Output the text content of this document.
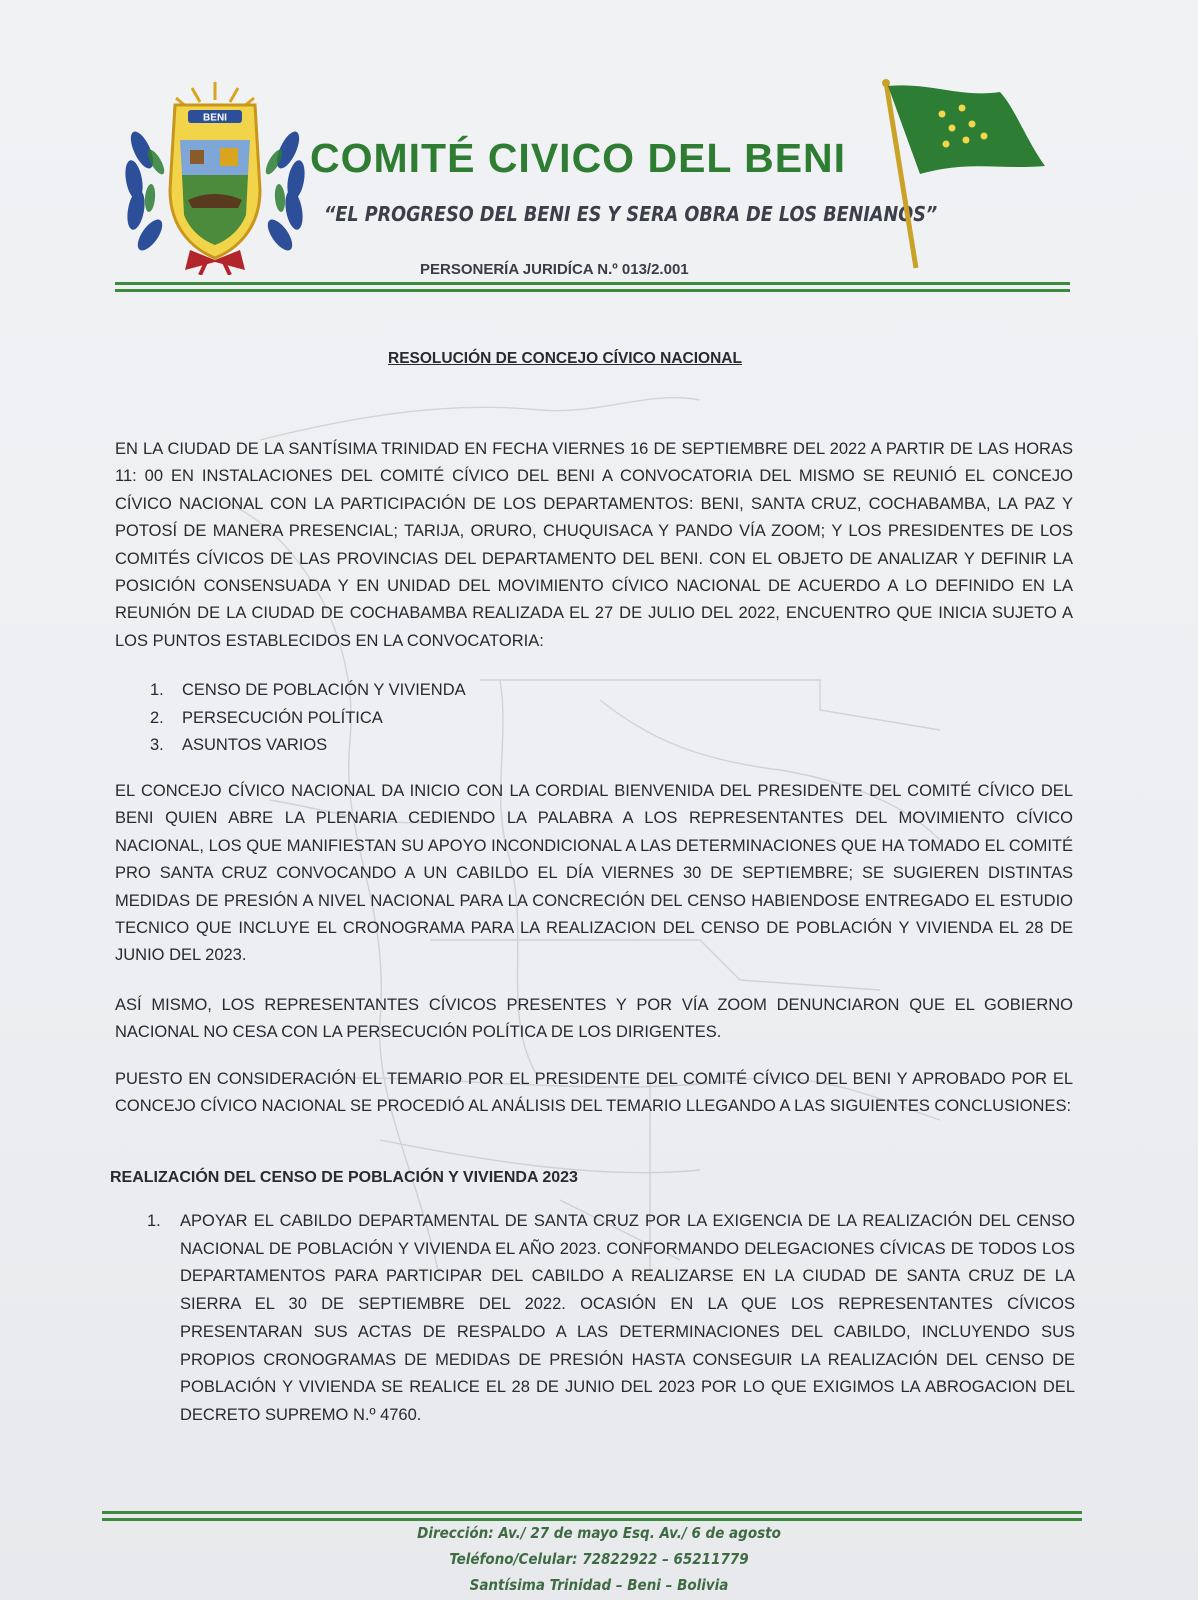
BENI
COMITÉ CIVICO DEL BENI
“EL PROGRESO DEL BENI ES Y SERA OBRA DE LOS BENIANOS”
PERSONERÍA JURIDÍCA N.º 013/2.001
RESOLUCIÓN DE CONCEJO CÍVICO NACIONAL
EN LA CIUDAD DE LA SANTÍSIMA TRINIDAD EN FECHA VIERNES 16 DE SEPTIEMBRE DEL 2022 A PARTIR DE LAS HORAS 11: 00 EN INSTALACIONES DEL COMITÉ CÍVICO DEL BENI A CONVOCATORIA DEL MISMO SE REUNIÓ EL CONCEJO CÍVICO NACIONAL CON LA PARTICIPACIÓN DE LOS DEPARTAMENTOS: BENI, SANTA CRUZ, COCHABAMBA, LA PAZ Y POTOSÍ DE MANERA PRESENCIAL; TARIJA, ORURO, CHUQUISACA Y PANDO VÍA ZOOM; Y LOS PRESIDENTES DE LOS COMITÉS CÍVICOS DE LAS PROVINCIAS DEL DEPARTAMENTO DEL BENI. CON EL OBJETO DE ANALIZAR Y DEFINIR LA POSICIÓN CONSENSUADA Y EN UNIDAD DEL MOVIMIENTO CÍVICO NACIONAL DE ACUERDO A LO DEFINIDO EN LA REUNIÓN DE LA CIUDAD DE COCHABAMBA REALIZADA EL 27 DE JULIO DEL 2022, ENCUENTRO QUE INICIA SUJETO A LOS PUNTOS ESTABLECIDOS EN LA CONVOCATORIA:
1.	CENSO DE POBLACIÓN Y VIVIENDA
2.	PERSECUCIÓN POLÍTICA
3.	ASUNTOS VARIOS
EL CONCEJO CÍVICO NACIONAL DA INICIO CON LA CORDIAL BIENVENIDA DEL PRESIDENTE DEL COMITÉ CÍVICO DEL BENI QUIEN ABRE LA PLENARIA CEDIENDO LA PALABRA A LOS REPRESENTANTES DEL MOVIMIENTO CÍVICO NACIONAL, LOS QUE MANIFIESTAN SU APOYO INCONDICIONAL A LAS DETERMINACIONES QUE HA TOMADO EL COMITÉ PRO SANTA CRUZ CONVOCANDO A UN CABILDO EL DÍA VIERNES 30 DE SEPTIEMBRE; SE SUGIEREN DISTINTAS MEDIDAS DE PRESIÓN A NIVEL NACIONAL PARA LA CONCRECIÓN DEL CENSO HABIENDOSE ENTREGADO EL ESTUDIO TECNICO QUE INCLUYE EL CRONOGRAMA PARA LA REALIZACION DEL CENSO DE POBLACIÓN Y VIVIENDA EL 28 DE JUNIO DEL 2023.
ASÍ MISMO, LOS REPRESENTANTES CÍVICOS PRESENTES Y POR VÍA ZOOM DENUNCIARON QUE EL GOBIERNO NACIONAL NO CESA CON LA PERSECUCIÓN POLÍTICA DE LOS DIRIGENTES.
PUESTO EN CONSIDERACIÓN EL TEMARIO POR EL PRESIDENTE DEL COMITÉ CÍVICO DEL BENI Y APROBADO POR EL CONCEJO CÍVICO NACIONAL SE PROCEDIÓ AL ANÁLISIS DEL TEMARIO LLEGANDO A LAS SIGUIENTES CONCLUSIONES:
REALIZACIÓN DEL CENSO DE POBLACIÓN Y VIVIENDA 2023
1.	APOYAR EL CABILDO DEPARTAMENTAL DE SANTA CRUZ POR LA EXIGENCIA DE LA REALIZACIÓN DEL CENSO NACIONAL DE POBLACIÓN Y VIVIENDA EL AÑO 2023. CONFORMANDO DELEGACIONES CÍVICAS DE TODOS LOS DEPARTAMENTOS PARA PARTICIPAR DEL CABILDO A REALIZARSE EN LA CIUDAD DE SANTA CRUZ DE LA SIERRA EL 30 DE SEPTIEMBRE DEL 2022. OCASIÓN EN LA QUE LOS REPRESENTANTES CÍVICOS PRESENTARAN SUS ACTAS DE RESPALDO A LAS DETERMINACIONES DEL CABILDO, INCLUYENDO SUS PROPIOS CRONOGRAMAS DE MEDIDAS DE PRESIÓN HASTA CONSEGUIR LA REALIZACIÓN DEL CENSO DE POBLACIÓN Y VIVIENDA SE REALICE EL 28 DE JUNIO DEL 2023 POR LO QUE EXIGIMOS LA ABROGACION DEL DECRETO SUPREMO N.º 4760.
Dirección: Av./ 27 de mayo Esq. Av./ 6 de agosto
Teléfono/Celular: 72822922 – 65211779
Santísima Trinidad – Beni – Bolivia
